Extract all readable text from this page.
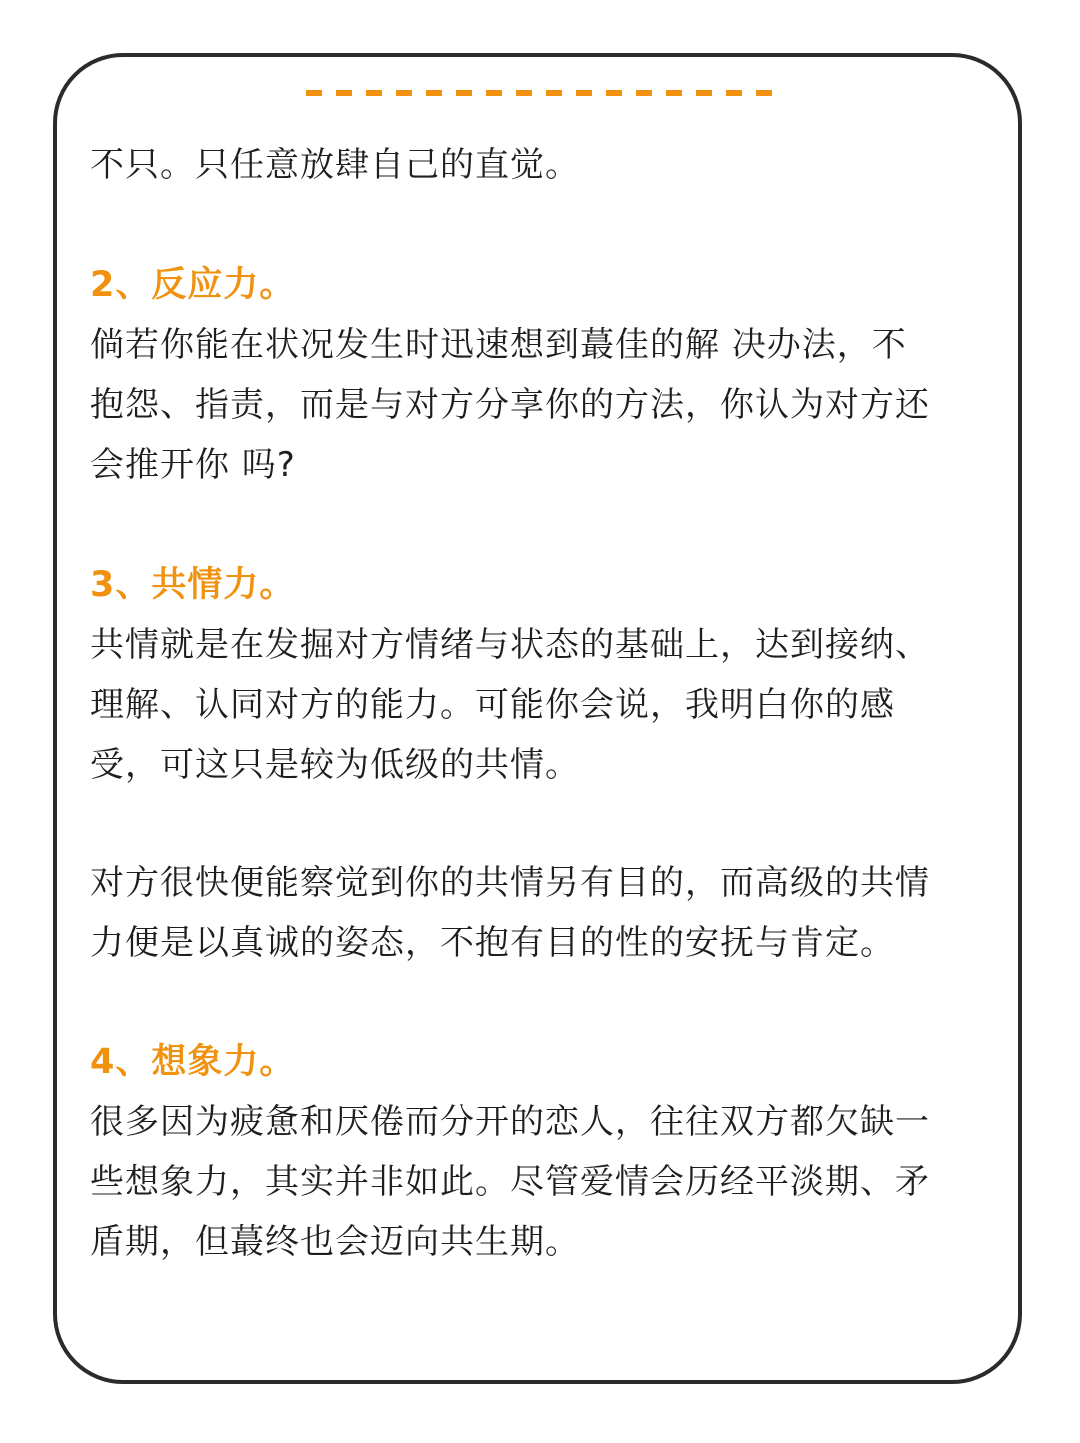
不只。只任意放肆自己的直觉。
2、反应力。
倘若你能在状况发生时迅速想到蕞佳的解 决办法，不
抱怨、指责，而是与对方分享你的方法，你认为对方还
会推开你 吗?
3、共情力。
共情就是在发掘对方情绪与状态的基础上，达到接纳、
理解、认同对方的能力。可能你会说，我明白你的感
受，可这只是较为低级的共情。
对方很快便能察觉到你的共情另有目的，而高级的共情
力便是以真诚的姿态，不抱有目的性的安抚与肯定。
4、想象力。
很多因为疲惫和厌倦而分开的恋人，往往双方都欠缺一
些想象力，其实并非如此。尽管爱情会历经平淡期、矛
盾期，但蕞终也会迈向共生期。
